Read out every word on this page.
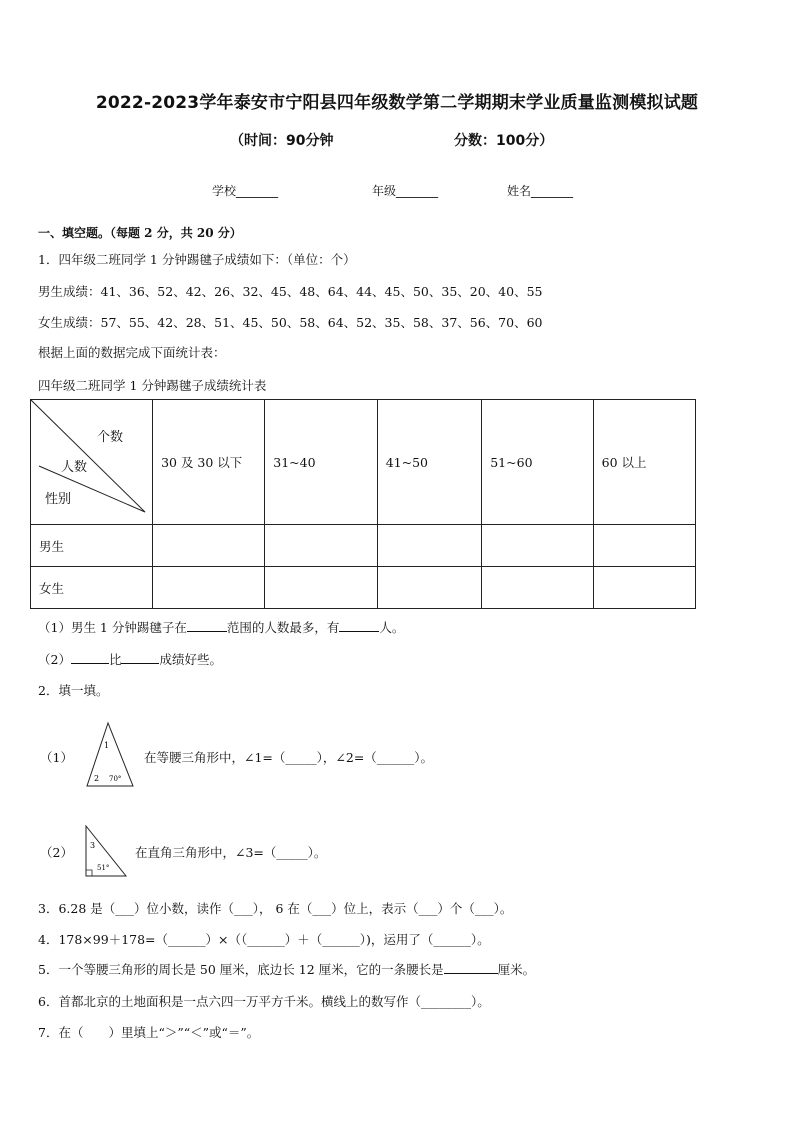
2022-2023学年泰安市宁阳县四年级数学第二学期期末学业质量监测模拟试题
（时间：90分钟	分数：100分）
学校_______	年级_______	姓名_______
一、填空题。（每题 2 分，共 20 分）
1．四年级二班同学 1 分钟踢毽子成绩如下：（单位：个）
男生成绩：41、36、52、42、26、32、45、48、64、44、45、50、35、20、40、55
女生成绩：57、55、42、28、51、45、50、58、64、52、35、58、37、56、70、60
根据上面的数据完成下面统计表：
四年级二班同学 1 分钟踢毽子成绩统计表
个数
人数
性别	30 及 30 以下	31~40	41~50	51~60	60 以上
男生					
女生					
（1）男生 1 分钟踢毽子在	范围的人数最多，有	人。
（2）	比	成绩好些。
2．填一填。
（1）
1
2 70°
在等腰三角形中，∠1=（_____），∠2=（______）。
（2） 3
51°
在直角三角形中，∠3=（_____）。
3．6.28 是（___）位小数，读作（___）， 6 在（___）位上，表示（___）个（___）。
4．178×99＋178=（______）×（（______）＋（______）)，运用了（______）。
5．一个等腰三角形的周长是 50 厘米，底边长 12 厘米，它的一条腰长是	厘米。
6．首都北京的土地面积是一点六四一万平方千米。横线上的数写作（________）。
7．在（　　）里填上“＞”“＜”或“＝”。
